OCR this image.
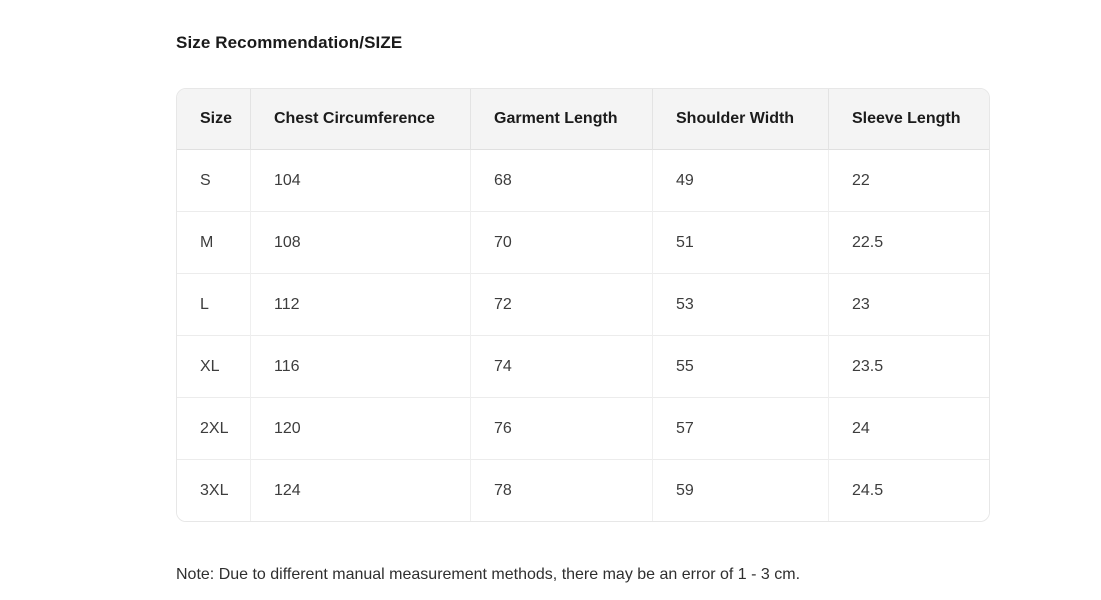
Size Recommendation/SIZE
Size	Chest Circumference	Garment Length	Shoulder Width	Sleeve Length
S	104	68	49	22
M	108	70	51	22.5
L	112	72	53	23
XL	116	74	55	23.5
2XL	120	76	57	24
3XL	124	78	59	24.5
Note: Due to different manual measurement methods, there may be an error of 1 - 3 cm.
